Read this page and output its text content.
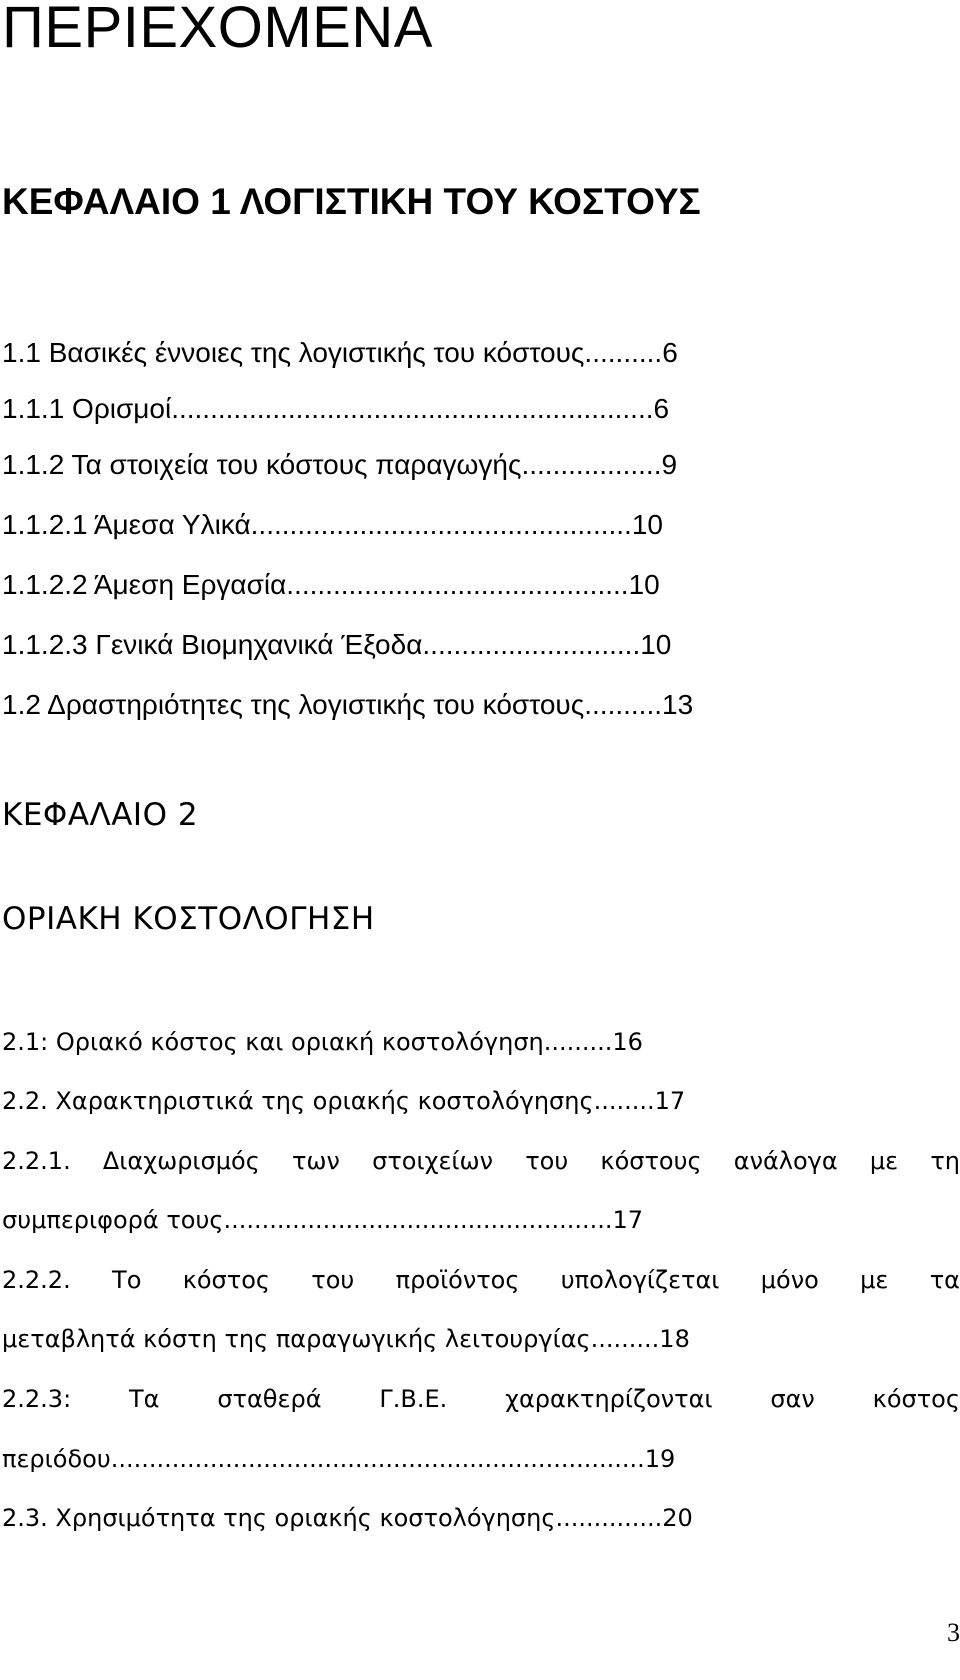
ΠΕΡΙΕΧΟΜΕΝΑ
ΚΕΦΑΛΑΙΟ 1 ΛΟΓΙΣΤΙΚΗ ΤΟΥ ΚΟΣΤΟΥΣ

1.1 Βασικές έννοιες της λογιστικής του κόστους..........6

1.1.1 Ορισμοί..............................................................6

1.1.2 Τα στοιχεία του κόστους παραγωγής..................9

1.1.2.1 Άμεσα Υλικά.................................................10

1.1.2.2 Άμεση Εργασία............................................10

1.1.2.3 Γενικά Βιομηχανικά Έξοδα............................10

1.2 Δραστηριότητες της λογιστικής του κόστους..........13

ΚΕΦΑΛΑΙΟ 2
ΟΡΙΑΚΗ ΚΟΣΤΟΛΟΓΗΣΗ

2.1: Οριακό κόστος και οριακή κοστολόγηση.........16

2.2. Χαρακτηριστικά της οριακής κοστολόγησης........17

2.2.1. Διαχωρισμός των στοιχείων του κόστους ανάλογα με τη

συμπεριφορά τους...................................................17

2.2.2. Το κόστος του προϊόντος υπολογίζεται μόνο με τα

μεταβλητά κόστη της παραγωγικής λειτουργίας.........18

2.2.3: Τα σταθερά Γ.Β.Ε. χαρακτηρίζονται σαν κόστος

περιόδου......................................................................19

2.3. Χρησιμότητα της οριακής κοστολόγησης..............20

3
